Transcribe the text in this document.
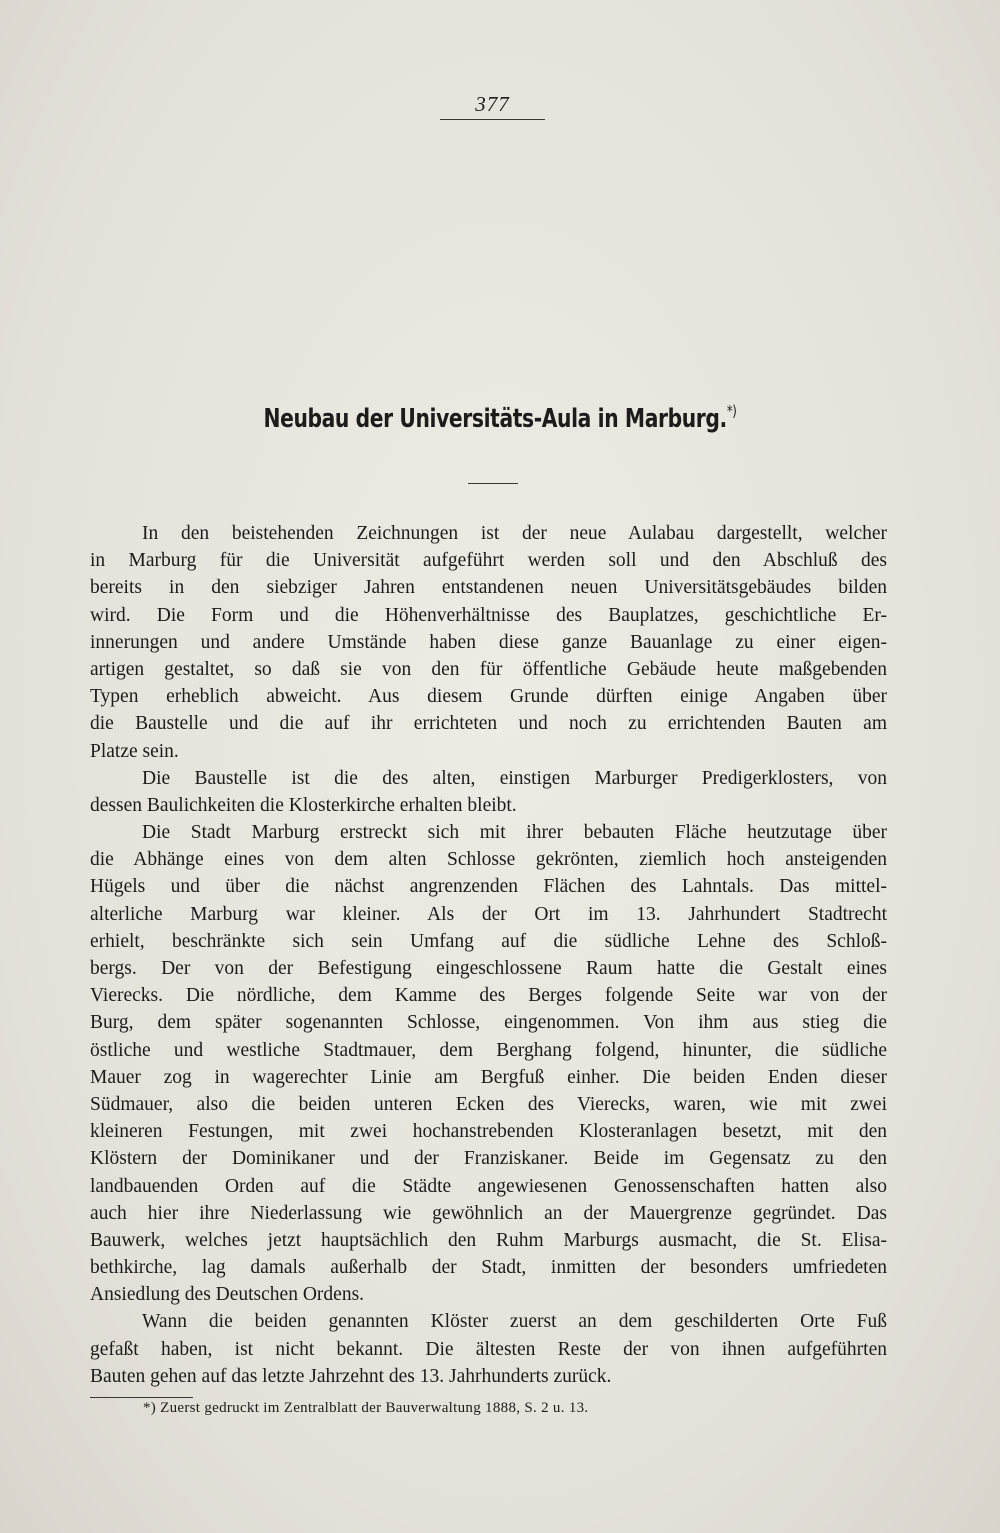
377
Neubau der Universitäts-Aula in Marburg.*)
In den beistehenden Zeichnungen ist der neue Aulabau dargestellt, welcher
in Marburg für die Universität aufgeführt werden soll und den Abschluß des
bereits in den siebziger Jahren entstandenen neuen Universitätsgebäudes bilden
wird. Die Form und die Höhenverhältnisse des Bauplatzes, geschichtliche Er-
innerungen und andere Umstände haben diese ganze Bauanlage zu einer eigen-
artigen gestaltet, so daß sie von den für öffentliche Gebäude heute maßgebenden
Typen erheblich abweicht. Aus diesem Grunde dürften einige Angaben über
die Baustelle und die auf ihr errichteten und noch zu errichtenden Bauten am
Platze sein.
Die Baustelle ist die des alten, einstigen Marburger Predigerklosters, von
dessen Baulichkeiten die Klosterkirche erhalten bleibt.
Die Stadt Marburg erstreckt sich mit ihrer bebauten Fläche heutzutage über
die Abhänge eines von dem alten Schlosse gekrönten, ziemlich hoch ansteigenden
Hügels und über die nächst angrenzenden Flächen des Lahntals. Das mittel-
alterliche Marburg war kleiner. Als der Ort im 13. Jahrhundert Stadtrecht
erhielt, beschränkte sich sein Umfang auf die südliche Lehne des Schloß-
bergs. Der von der Befestigung eingeschlossene Raum hatte die Gestalt eines
Vierecks. Die nördliche, dem Kamme des Berges folgende Seite war von der
Burg, dem später sogenannten Schlosse, eingenommen. Von ihm aus stieg die
östliche und westliche Stadtmauer, dem Berghang folgend, hinunter, die südliche
Mauer zog in wagerechter Linie am Bergfuß einher. Die beiden Enden dieser
Südmauer, also die beiden unteren Ecken des Vierecks, waren, wie mit zwei
kleineren Festungen, mit zwei hochanstrebenden Klosteranlagen besetzt, mit den
Klöstern der Dominikaner und der Franziskaner. Beide im Gegensatz zu den
landbauenden Orden auf die Städte angewiesenen Genossenschaften hatten also
auch hier ihre Niederlassung wie gewöhnlich an der Mauergrenze gegründet. Das
Bauwerk, welches jetzt hauptsächlich den Ruhm Marburgs ausmacht, die St. Elisa-
bethkirche, lag damals außerhalb der Stadt, inmitten der besonders umfriedeten
Ansiedlung des Deutschen Ordens.
Wann die beiden genannten Klöster zuerst an dem geschilderten Orte Fuß
gefaßt haben, ist nicht bekannt. Die ältesten Reste der von ihnen aufgeführten
Bauten gehen auf das letzte Jahrzehnt des 13. Jahrhunderts zurück.
*) Zuerst gedruckt im Zentralblatt der Bauverwaltung 1888, S. 2 u. 13.
